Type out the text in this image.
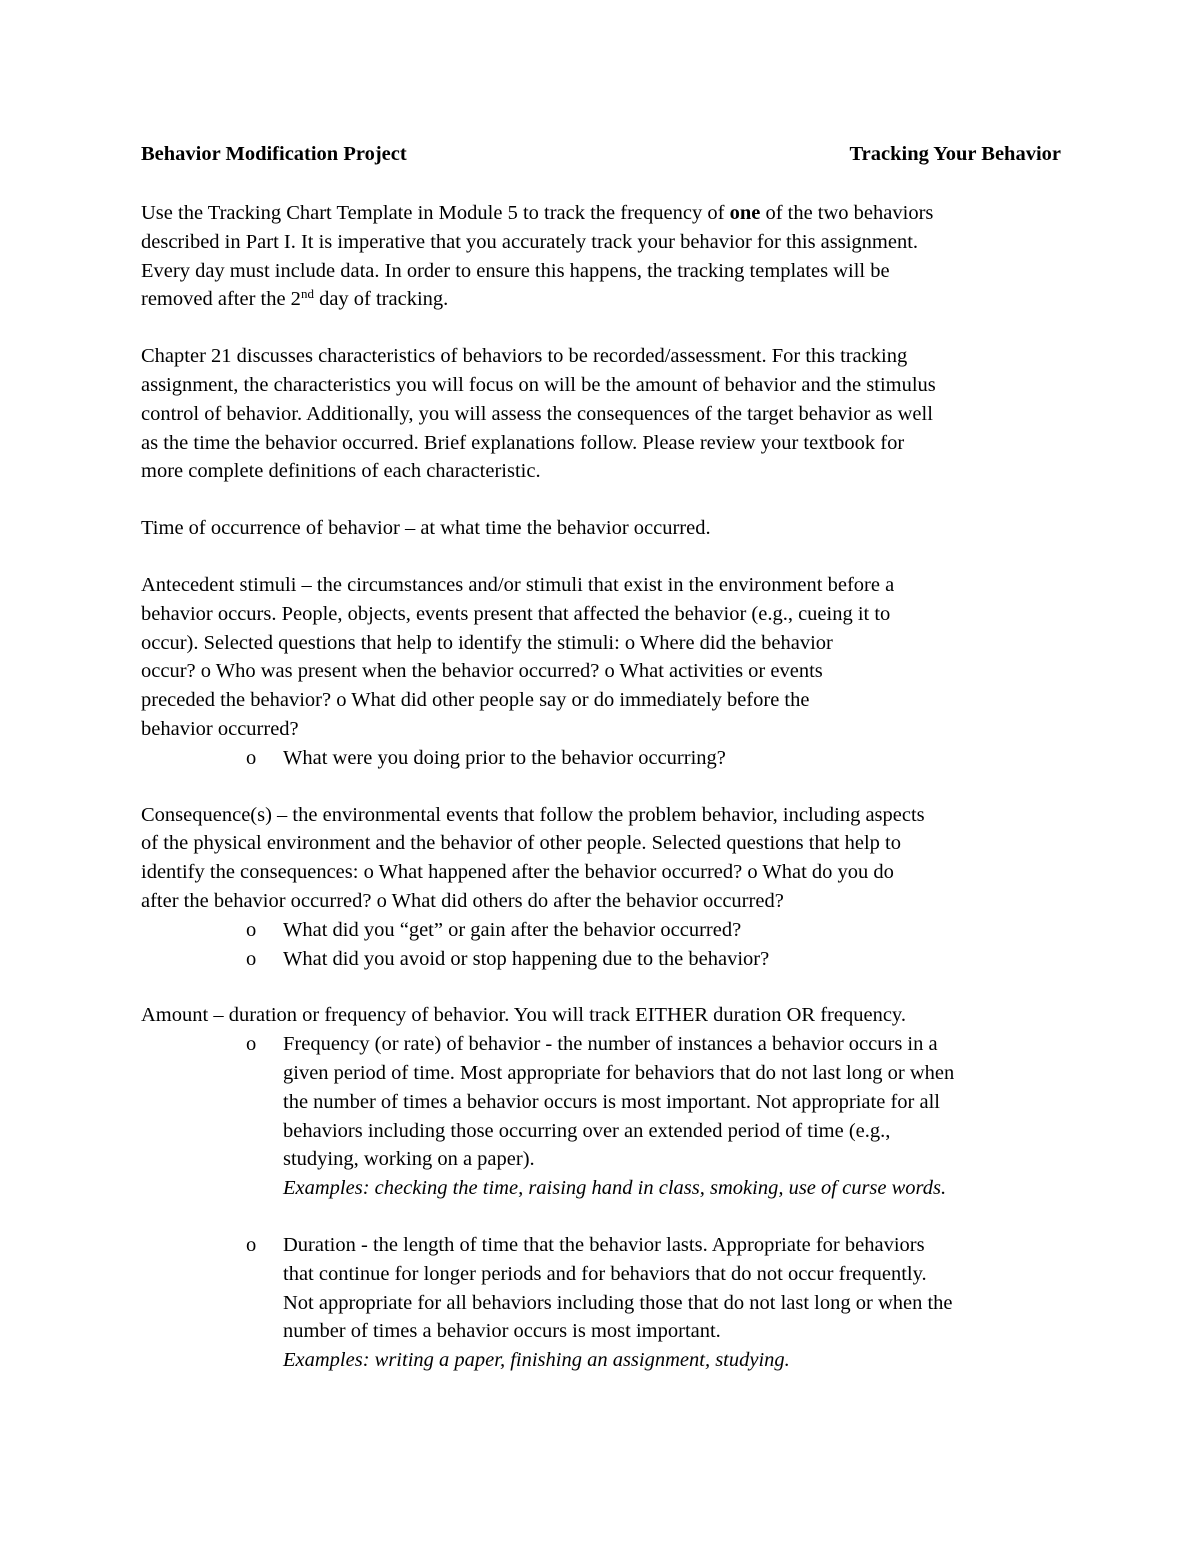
Behavior Modification Project	Tracking Your Behavior

Use the Tracking Chart Template in Module 5 to track the frequency of one of the two behaviors
described in Part I. It is imperative that you accurately track your behavior for this assignment.
Every day must include data. In order to ensure this happens, the tracking templates will be
removed after the 2nd day of tracking.

Chapter 21 discusses characteristics of behaviors to be recorded/assessment. For this tracking
assignment, the characteristics you will focus on will be the amount of behavior and the stimulus
control of behavior. Additionally, you will assess the consequences of the target behavior as well
as the time the behavior occurred. Brief explanations follow. Please review your textbook for
more complete definitions of each characteristic.

Time of occurrence of behavior – at what time the behavior occurred.

Antecedent stimuli – the circumstances and/or stimuli that exist in the environment before a
behavior occurs. People, objects, events present that affected the behavior (e.g., cueing it to
occur). Selected questions that help to identify the stimuli: o Where did the behavior
occur? o Who was present when the behavior occurred? o What activities or events
preceded the behavior? o What did other people say or do immediately before the
behavior occurred?
o What were you doing prior to the behavior occurring?

Consequence(s) – the environmental events that follow the problem behavior, including aspects
of the physical environment and the behavior of other people. Selected questions that help to
identify the consequences: o What happened after the behavior occurred? o What do you do
after the behavior occurred? o What did others do after the behavior occurred?
o What did you “get” or gain after the behavior occurred?
o What did you avoid or stop happening due to the behavior?

Amount – duration or frequency of behavior. You will track EITHER duration OR frequency.
o Frequency (or rate) of behavior - the number of instances a behavior occurs in a
given period of time. Most appropriate for behaviors that do not last long or when
the number of times a behavior occurs is most important. Not appropriate for all
behaviors including those occurring over an extended period of time (e.g.,
studying, working on a paper).
Examples: checking the time, raising hand in class, smoking, use of curse words.

o Duration - the length of time that the behavior lasts. Appropriate for behaviors
that continue for longer periods and for behaviors that do not occur frequently.
Not appropriate for all behaviors including those that do not last long or when the
number of times a behavior occurs is most important.
Examples: writing a paper, finishing an assignment, studying.
